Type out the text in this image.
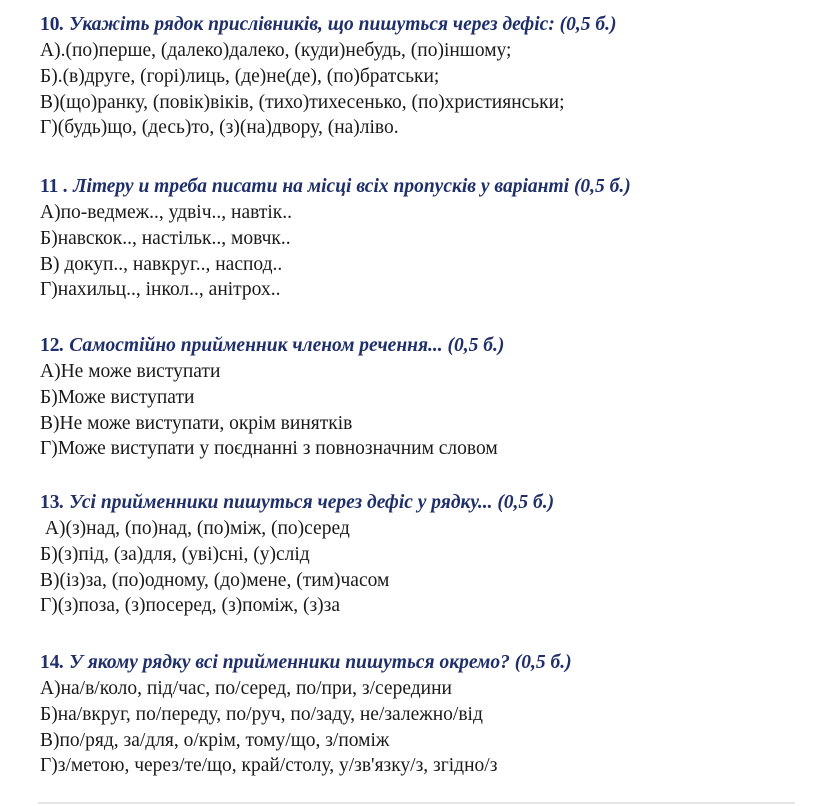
10. Укажіть рядок прислівників, що пишуться через дефіс: (0,5 б.)
А).(по)перше, (далеко)далеко, (куди)небудь, (по)іншому;
Б).(в)друге, (горі)лиць, (де)не(де), (по)братськи;
В)(що)ранку, (повік)віків, (тихо)тихесенько, (по)християнськи;
Г)(будь)що, (десь)то, (з)(на)двору, (на)ліво.
11 . Літеру и треба писати на місці всіх пропусків у варіанті (0,5 б.)
А)по-ведмеж.., удвіч.., навтік..
Б)навскок.., настільк.., мовчк..
В) докуп.., навкруг.., наспод..
Г)нахильц.., інкол.., анітрох..
12. Самостійно прийменник членом речення... (0,5 б.)
А)Не може виступати
Б)Може виступати
В)Не може виступати, окрім винятків
Г)Може виступати у поєднанні з повнозначним словом
13. Усі прийменники пишуться через дефіс у рядку... (0,5 б.)
А)(з)над, (по)над, (по)між, (по)серед
Б)(з)під, (за)для, (уві)сні, (у)слід
В)(із)за, (по)одному, (до)мене, (тим)часом
Г)(з)поза, (з)посеред, (з)поміж, (з)за
14. У якому рядку всі прийменники пишуться окремо? (0,5 б.)
А)на/в/коло, під/час, по/серед, по/при, з/середини
Б)на/вкруг, по/переду, по/руч, по/заду, не/залежно/від
В)по/ряд, за/для, о/крім, тому/що, з/поміж
Г)з/метою, через/те/що, край/столу, у/зв'язку/з, згідно/з
